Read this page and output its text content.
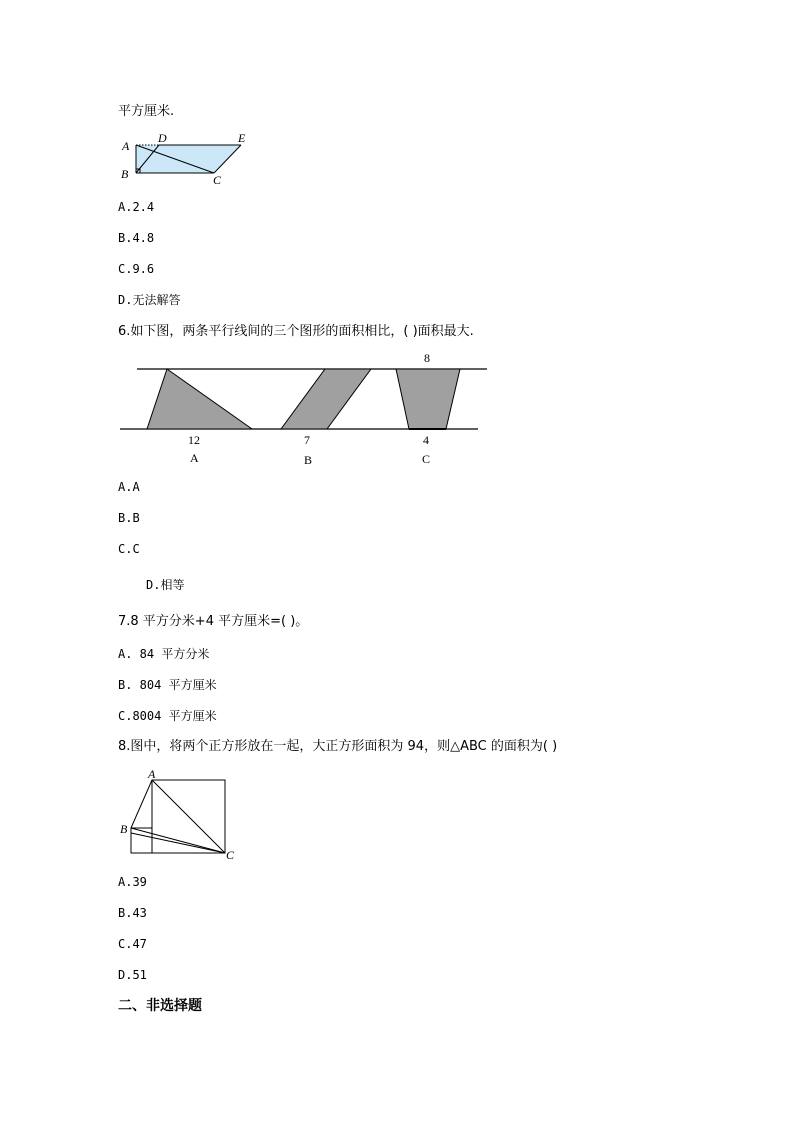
平方厘米.
A
B	C
D	E
A.2.4
B.4.8
C.9.6
D.无法解答
6.如下图，两条平行线间的三个图形的面积相比，( )面积最大.
8
12	7	4
A	B	C
A.A
B.B
C.C
D.相等
7.8 平方分米+4 平方厘米=( )。
A. 84 平方分米
B. 804 平方厘米
C.8004 平方厘米
8.图中，将两个正方形放在一起，大正方形面积为 94，则△ABC 的面积为( )
A
B
C
A.39
B.43
C.47
D.51
二、非选择题
